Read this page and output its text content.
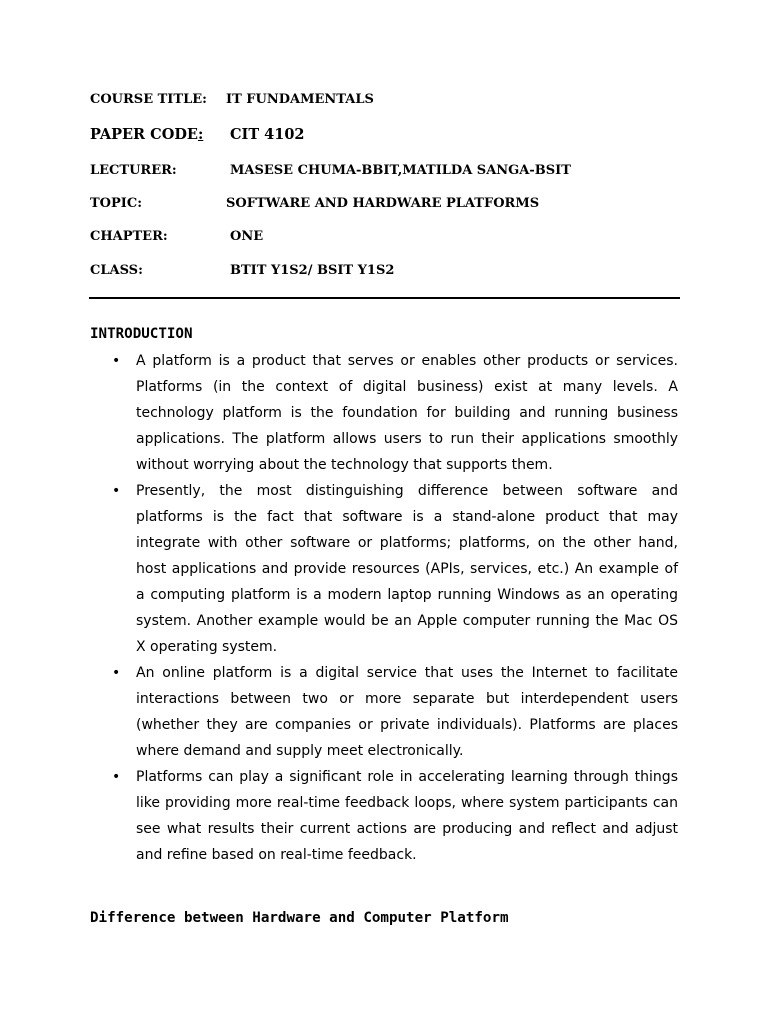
COURSE TITLE: IT FUNDAMENTALS
PAPER CODE: CIT 4102
LECTURER:	MASESE CHUMA-BBIT,MATILDA SANGA-BSIT
TOPIC:	SOFTWARE AND HARDWARE PLATFORMS
CHAPTER:	ONE
CLASS:	BTIT Y1S2/ BSIT Y1S2
INTRODUCTION
• A platform is a product that serves or enables other products or services. Platforms (in the context of digital business) exist at many levels. A technology platform is the foundation for building and running business applications. The platform allows users to run their applications smoothly without worrying about the technology that supports them.
• Presently, the most distinguishing difference between software and platforms is the fact that software is a stand-alone product that may integrate with other software or platforms; platforms, on the other hand, host applications and provide resources (APIs, services, etc.) An example of a computing platform is a modern laptop running Windows as an operating system. Another example would be an Apple computer running the Mac OS X operating system.
• An online platform is a digital service that uses the Internet to facilitate interactions between two or more separate but interdependent users (whether they are companies or private individuals). Platforms are places where demand and supply meet electronically.
• Platforms can play a significant role in accelerating learning through things like providing more real-time feedback loops, where system participants can see what results their current actions are producing and reflect and adjust and refine based on real-time feedback.
Difference between Hardware and Computer Platform
